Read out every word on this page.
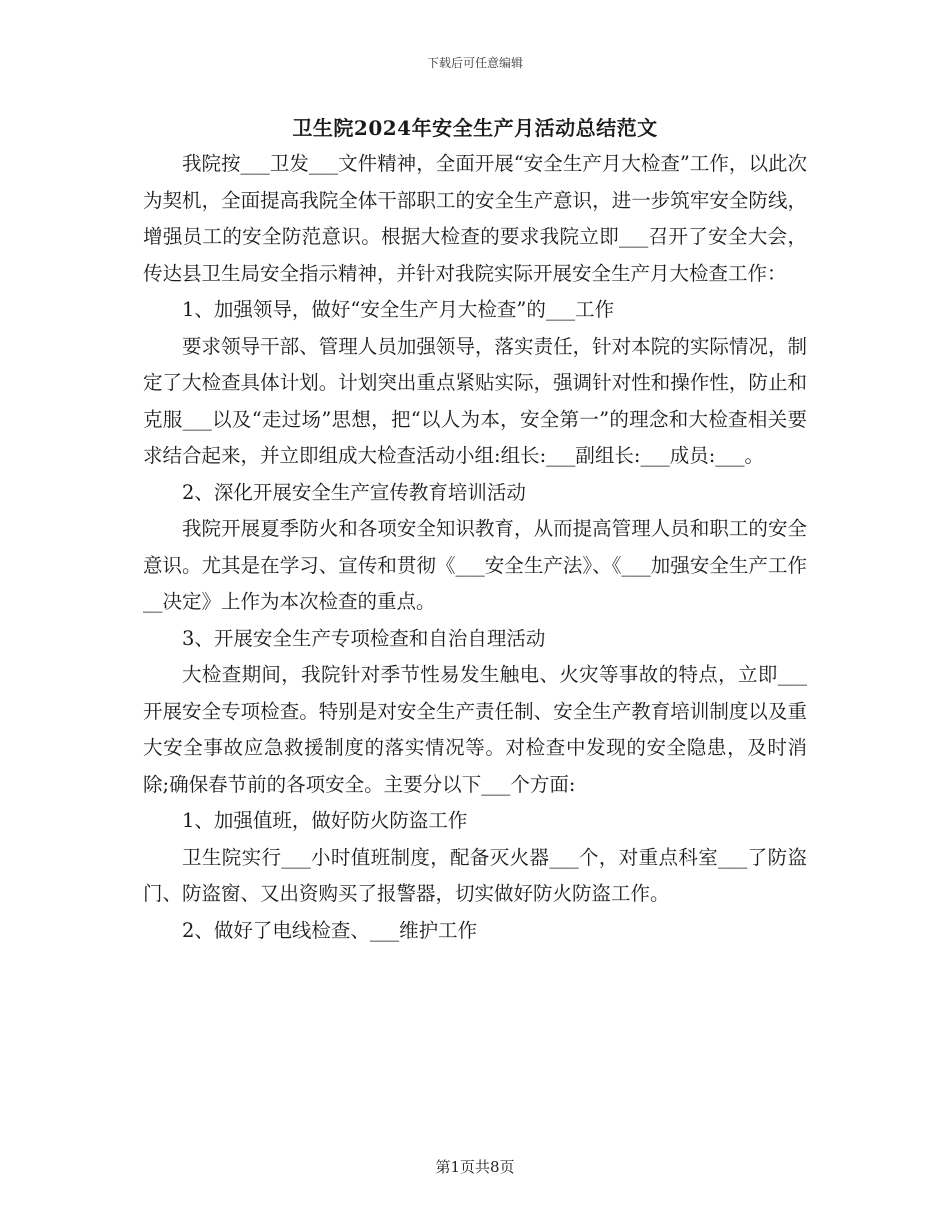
下载后可任意编辑
卫生院2024年安全生产月活动总结范文

我院按___卫发___文件精神，全面开展“安全生产月大检查”工作，以此次为契机，全面提高我院全体干部职工的安全生产意识，进一步筑牢安全防线，增强员工的安全防范意识。根据大检查的要求我院立即___召开了安全大会，传达县卫生局安全指示精神，并针对我院实际开展安全生产月大检查工作：

1、加强领导，做好“安全生产月大检查”的___工作

要求领导干部、管理人员加强领导，落实责任，针对本院的实际情况，制定了大检查具体计划。计划突出重点紧贴实际，强调针对性和操作性，防止和克服___以及“走过场”思想，把“以人为本，安全第一”的理念和大检查相关要求结合起来，并立即组成大检查活动小组:组长:___副组长:___成员:___。

2、深化开展安全生产宣传教育培训活动

我院开展夏季防火和各项安全知识教育，从而提高管理人员和职工的安全意识。尤其是在学习、宣传和贯彻《___安全生产法》、《___加强安全生产工作__决定》上作为本次检查的重点。

3、开展安全生产专项检查和自治自理活动

大检查期间，我院针对季节性易发生触电、火灾等事故的特点，立即___开展安全专项检查。特别是对安全生产责任制、安全生产教育培训制度以及重大安全事故应急救援制度的落实情况等。对检查中发现的安全隐患，及时消除;确保春节前的各项安全。主要分以下___个方面:

1、加强值班，做好防火防盗工作

卫生院实行___小时值班制度，配备灭火器___个，对重点科室___了防盗门、防盗窗、又出资购买了报警器，切实做好防火防盗工作。

2、做好了电线检查、___维护工作

第1页共8页
